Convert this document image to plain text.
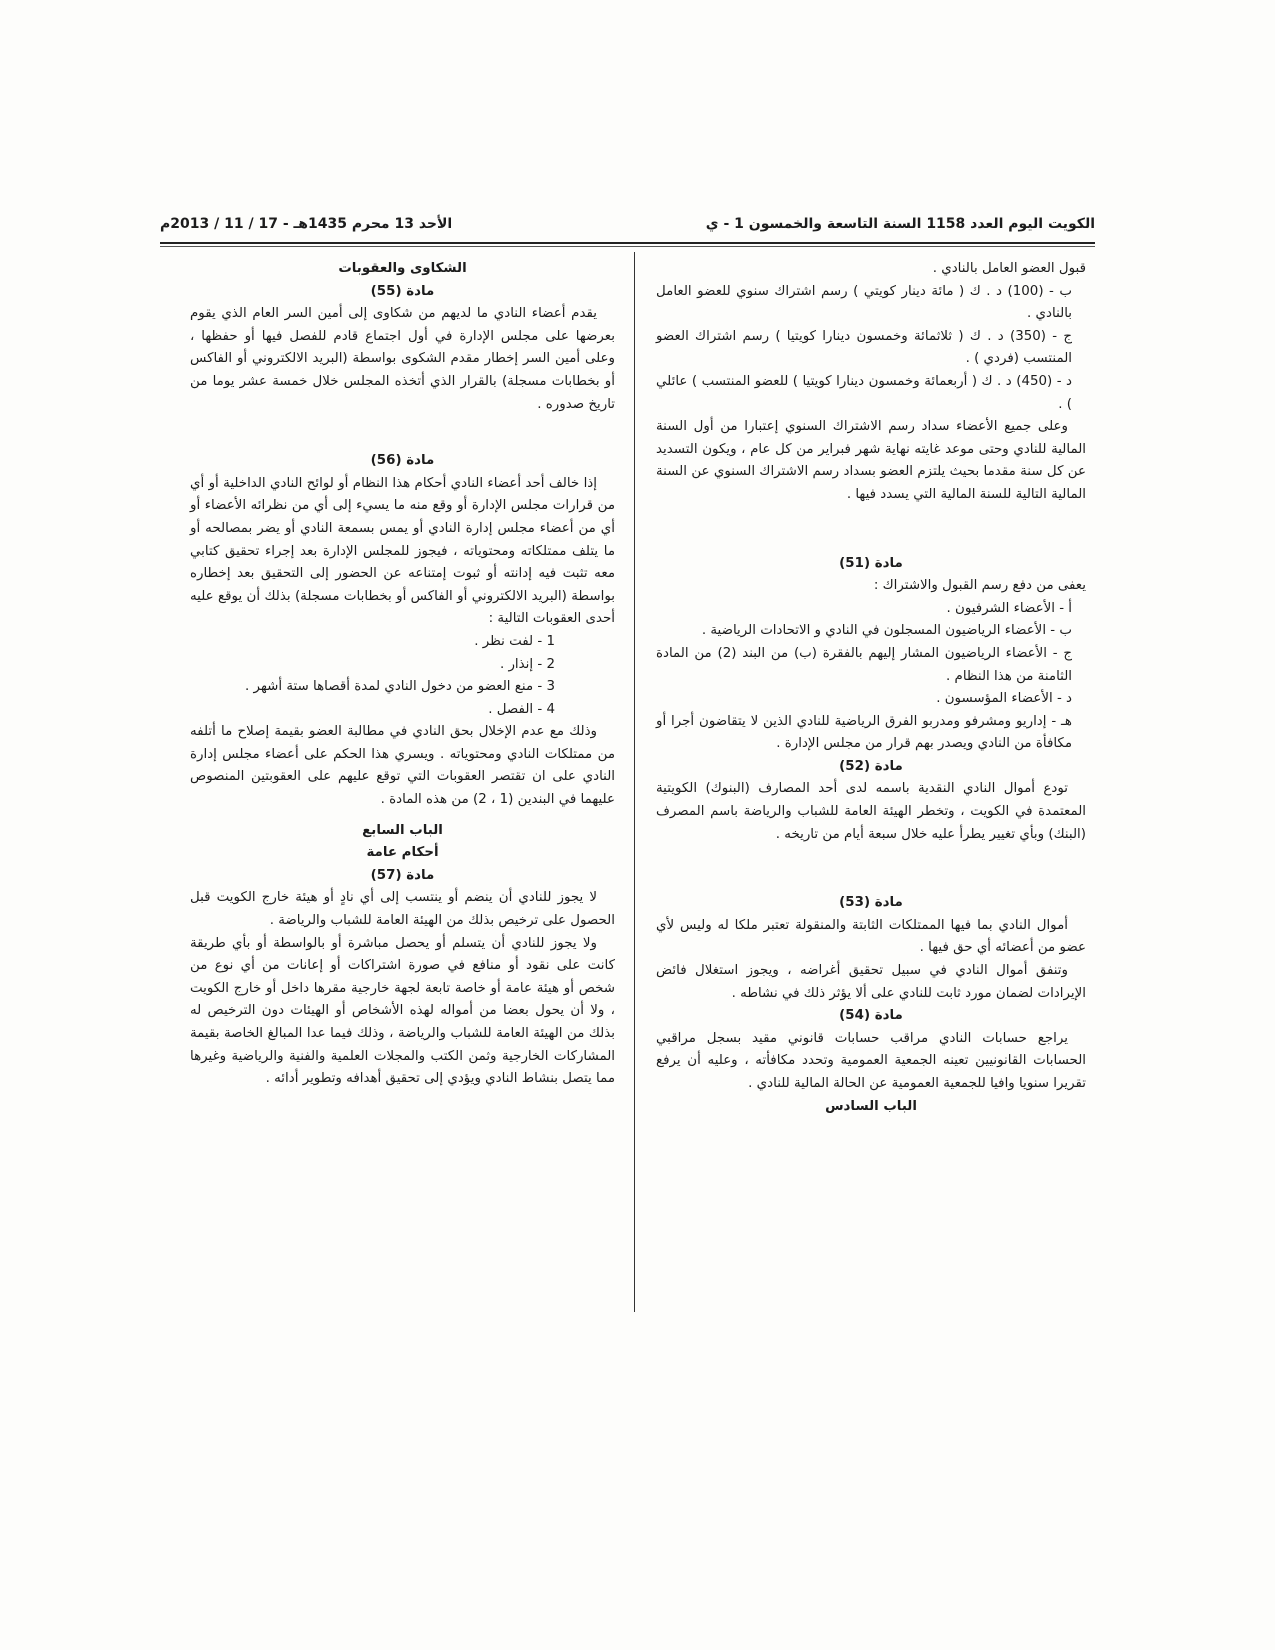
الكويت اليوم العدد 1158 السنة التاسعة والخمسون 1 - ي
الأحد 13 محرم 1435هـ - 17 / 11 / 2013م

قبول العضو العامل بالنادي .

ب - (100) د . ك ( مائة دينار كويتي ) رسم اشتراك سنوي للعضو العامل بالنادي .

ج - (350) د . ك ( ثلاثمائة وخمسون دينارا كويتيا ) رسم اشتراك العضو المنتسب (فردي ) .

د - (450) د . ك ( أربعمائة وخمسون دينارا كويتيا ) للعضو المنتسب ) عائلي ) .

وعلى جميع الأعضاء سداد رسم الاشتراك السنوي إعتبارا من أول السنة المالية للنادي وحتى موعد غايته نهاية شهر فبراير من كل عام ، ويكون التسديد عن كل سنة مقدما بحيث يلتزم العضو بسداد رسم الاشتراك السنوي عن السنة المالية التالية للسنة المالية التي يسدد فيها .

مادة (51)

يعفى من دفع رسم القبول والاشتراك :

أ - الأعضاء الشرفيون .

ب - الأعضاء الرياضيون المسجلون في النادي و الاتحادات الرياضية .

ج - الأعضاء الرياضيون المشار إليهم بالفقرة (ب) من البند (2) من المادة الثامنة من هذا النظام .

د - الأعضاء المؤسسون .

هـ - إداريو ومشرفو ومدربو الفرق الرياضية للنادي الذين لا يتقاضون أجرا أو مكافأة من النادي ويصدر بهم قرار من مجلس الإدارة .

مادة (52)

تودع أموال النادي النقدية باسمه لدى أحد المصارف (البنوك) الكويتية المعتمدة في الكويت ، وتخطر الهيئة العامة للشباب والرياضة باسم المصرف (البنك) وبأي تغيير يطرأ عليه خلال سبعة أيام من تاريخه .

مادة (53)

أموال النادي بما فيها الممتلكات الثابتة والمنقولة تعتبر ملكا له وليس لأي عضو من أعضائه أي حق فيها .

وتنفق أموال النادي في سبيل تحقيق أغراضه ، ويجوز استغلال فائض الإيرادات لضمان مورد ثابت للنادي على ألا يؤثر ذلك في نشاطه .

مادة (54)

يراجع حسابات النادي مراقب حسابات قانوني مقيد بسجل مراقبي الحسابات القانونيين تعينه الجمعية العمومية وتحدد مكافأته ، وعليه أن يرفع تقريرا سنويا وافيا للجمعية العمومية عن الحالة المالية للنادي .

الباب السادس

الشكاوى والعقوبات

مادة (55)

يقدم أعضاء النادي ما لديهم من شكاوى إلى أمين السر العام الذي يقوم بعرضها على مجلس الإدارة في أول اجتماع قادم للفصل فيها أو حفظها ، وعلى أمين السر إخطار مقدم الشكوى بواسطة (البريد الالكتروني أو الفاكس أو بخطابات مسجلة) بالقرار الذي أتخذه المجلس خلال خمسة عشر يوما من تاريخ صدوره .

مادة (56)

إذا خالف أحد أعضاء النادي أحكام هذا النظام أو لوائح النادي الداخلية أو أي من قرارات مجلس الإدارة أو وقع منه ما يسيء إلى أي من نظرائه الأعضاء أو أي من أعضاء مجلس إدارة النادي أو يمس بسمعة النادي أو يضر بمصالحه أو ما يتلف ممتلكاته ومحتوياته ، فيجوز للمجلس الإدارة بعد إجراء تحقيق كتابي معه تثبت فيه إدانته أو ثبوت إمتناعه عن الحضور إلى التحقيق بعد إخطاره بواسطة (البريد الالكتروني أو الفاكس أو بخطابات مسجلة) بذلك أن يوقع عليه أحدى العقوبات التالية :

1 - لفت نظر .

2 - إنذار .

3 - منع العضو من دخول النادي لمدة أقصاها ستة أشهر .

4 - الفصل .

وذلك مع عدم الإخلال بحق النادي في مطالبة العضو بقيمة إصلاح ما أتلفه من ممتلكات النادي ومحتوياته . ويسري هذا الحكم على أعضاء مجلس إدارة النادي على ان تقتصر العقوبات التي توقع عليهم على العقوبتين المنصوص عليهما في البندين (1 ، 2) من هذه المادة .

الباب السابع

أحكام عامة

مادة (57)

لا يجوز للنادي أن ينضم أو ينتسب إلى أي نادٍ أو هيئة خارج الكويت قبل الحصول على ترخيص بذلك من الهيئة العامة للشباب والرياضة .

ولا يجوز للنادي أن يتسلم أو يحصل مباشرة أو بالواسطة أو بأي طريقة كانت على نقود أو منافع في صورة اشتراكات أو إعانات من أي نوع من شخص أو هيئة عامة أو خاصة تابعة لجهة خارجية مقرها داخل أو خارج الكويت ، ولا أن يحول بعضا من أمواله لهذه الأشخاص أو الهيئات دون الترخيص له بذلك من الهيئة العامة للشباب والرياضة ، وذلك فيما عدا المبالغ الخاصة بقيمة المشاركات الخارجية وثمن الكتب والمجلات العلمية والفنية والرياضية وغيرها مما يتصل بنشاط النادي ويؤدي إلى تحقيق أهدافه وتطوير أدائه .
